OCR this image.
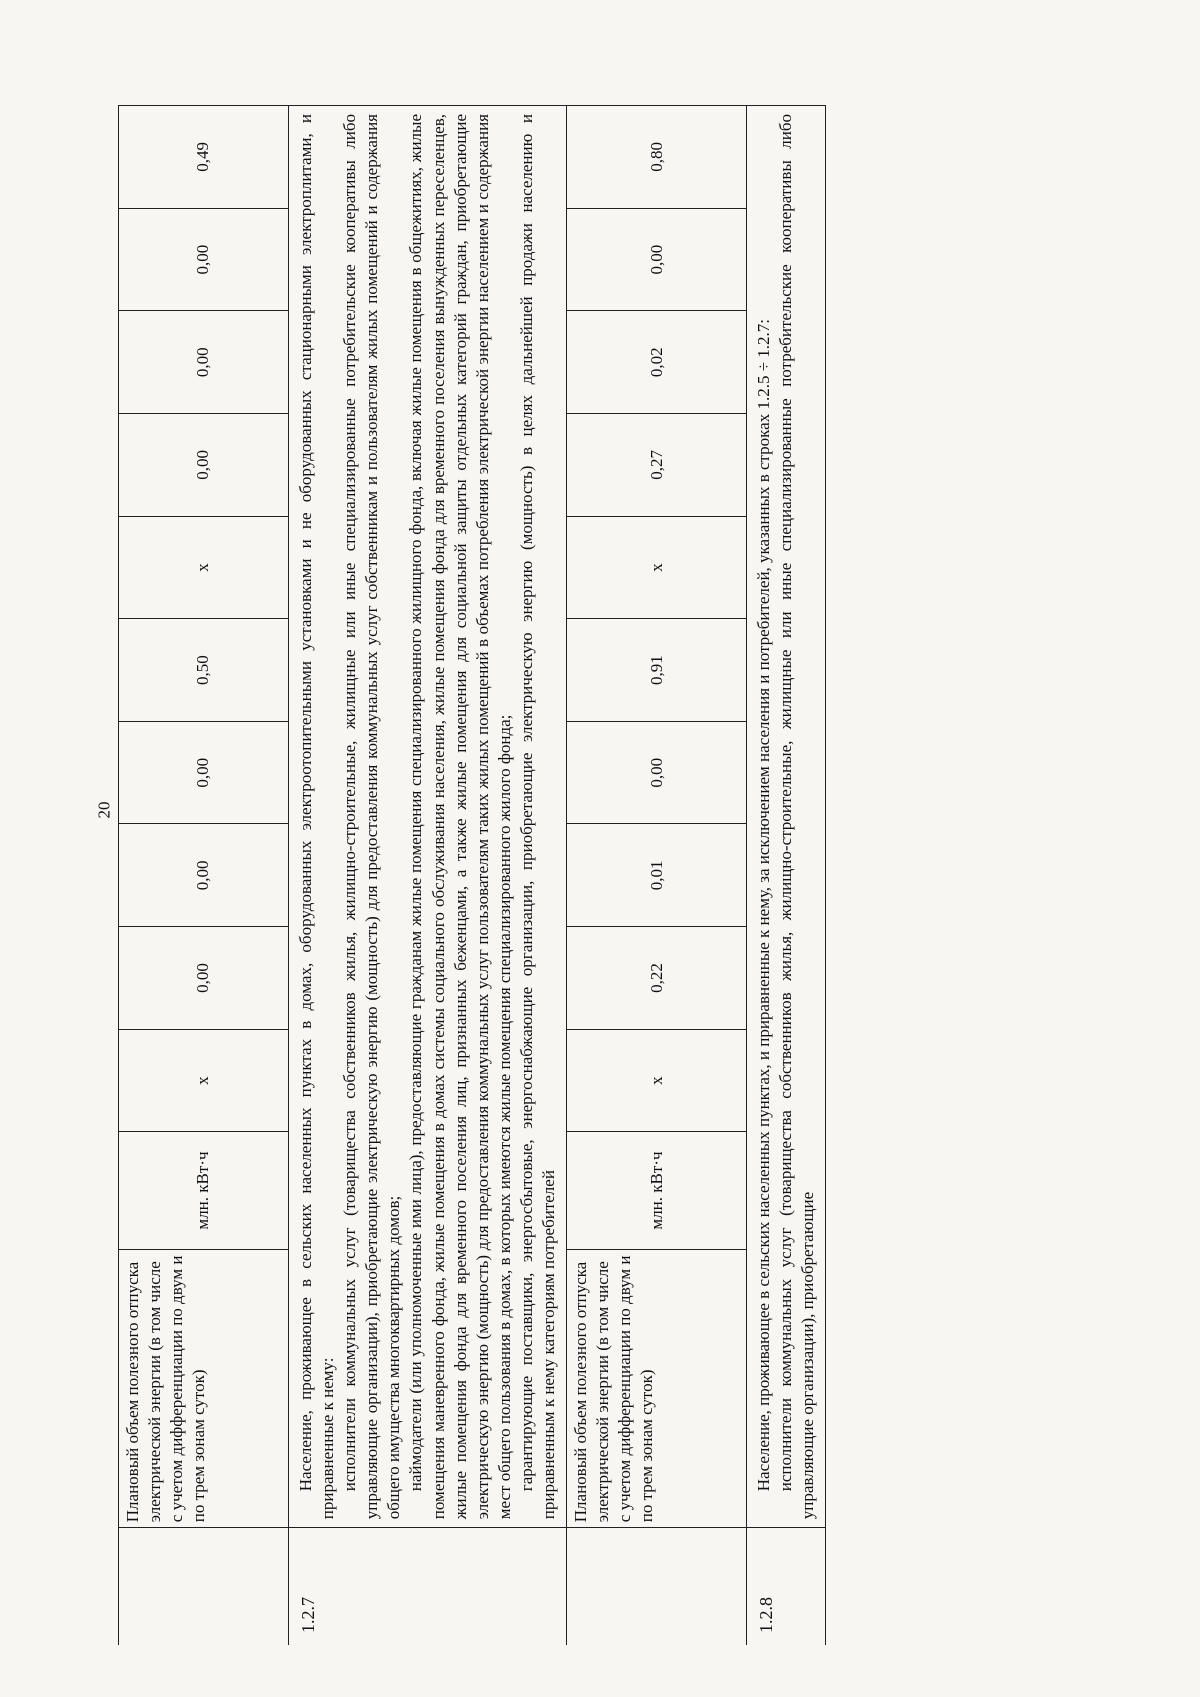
20
	Плановый объем полезного отпуска электрической энергии (в том числе с учетом дифференциации по двум и по трем зонам суток)	млн. кВт·ч	х	0,00	0,00	0,00	0,50	х	0,00	0,00	0,00	0,49
1.2.7	Население, проживающее в сельских населенных пунктах в домах, оборудованных электроотопительными установками и не оборудованных стационарными электроплитами, и приравненные к нему: исполнители коммунальных услуг (товарищества собственников жилья, жилищно-строительные, жилищные или иные специализированные потребительские кооперативы либо управляющие организации), приобретающие электрическую энергию (мощность) для предоставления коммунальных услуг собственникам и пользователям жилых помещений и содержания общего имущества многоквартирных домов; наймодатели (или уполномоченные ими лица), предоставляющие гражданам жилые помещения специализированного жилищного фонда, включая жилые помещения в общежитиях, жилые помещения маневренного фонда, жилые помещения в домах системы социального обслуживания населения, жилые помещения фонда для временного поселения вынужденных переселенцев, жилые помещения фонда для временного поселения лиц, признанных беженцами, а также жилые помещения для социальной защиты отдельных категорий граждан, приобретающие электрическую энергию (мощность) для предоставления коммунальных услуг пользователям таких жилых помещений в объемах потребления электрической энергии населением и содержания мест общего пользования в домах, в которых имеются жилые помещения специализированного жилого фонда; гарантирующие поставщики, энергосбытовые, энергоснабжающие организации, приобретающие электрическую энергию (мощность) в целях дальнейшей продажи населению и приравненным к нему категориям потребителей											

	Плановый объем полезного отпуска электрической энергии (в том числе с учетом дифференциации по двум и по трем зонам суток)	млн. кВт·ч	х	0,22	0,01	0,00	0,91	х	0,27	0,02	0,00	0,80
1.2.8	Население, проживающее в сельских населенных пунктах, и приравненные к нему, за исключением населения и потребителей, указанных в строках 1.2.5 ÷ 1.2.7: исполнители коммунальных услуг (товарищества собственников жилья, жилищно-строительные, жилищные или иные специализированные потребительские кооперативы либо управляющие организации), приобретающие											
